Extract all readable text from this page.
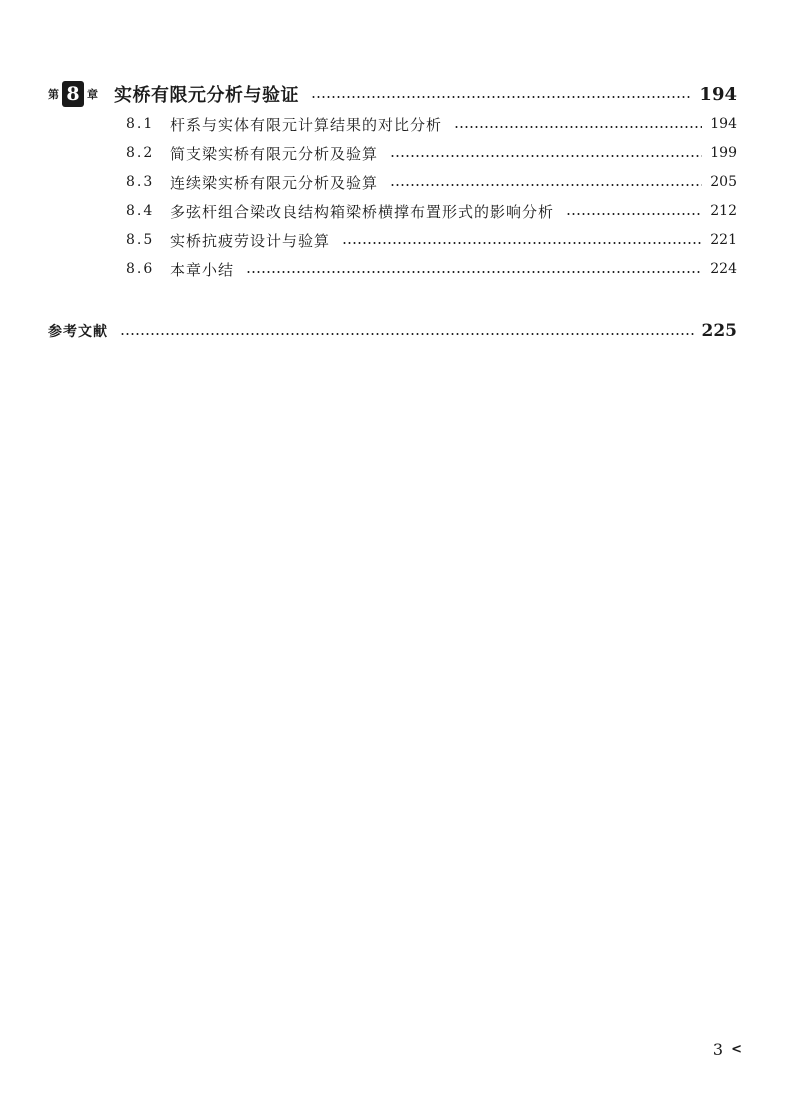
第 8 章 实桥有限元分析与验证	194
8.1	杆系与实体有限元计算结果的对比分析	194
8.2	简支梁实桥有限元分析及验算	199
8.3	连续梁实桥有限元分析及验算	205
8.4	多弦杆组合梁改良结构箱梁桥横撑布置形式的影响分析	212
8.5	实桥抗疲劳设计与验算	221
8.6	本章小结	224
参考文献	225
3 <
